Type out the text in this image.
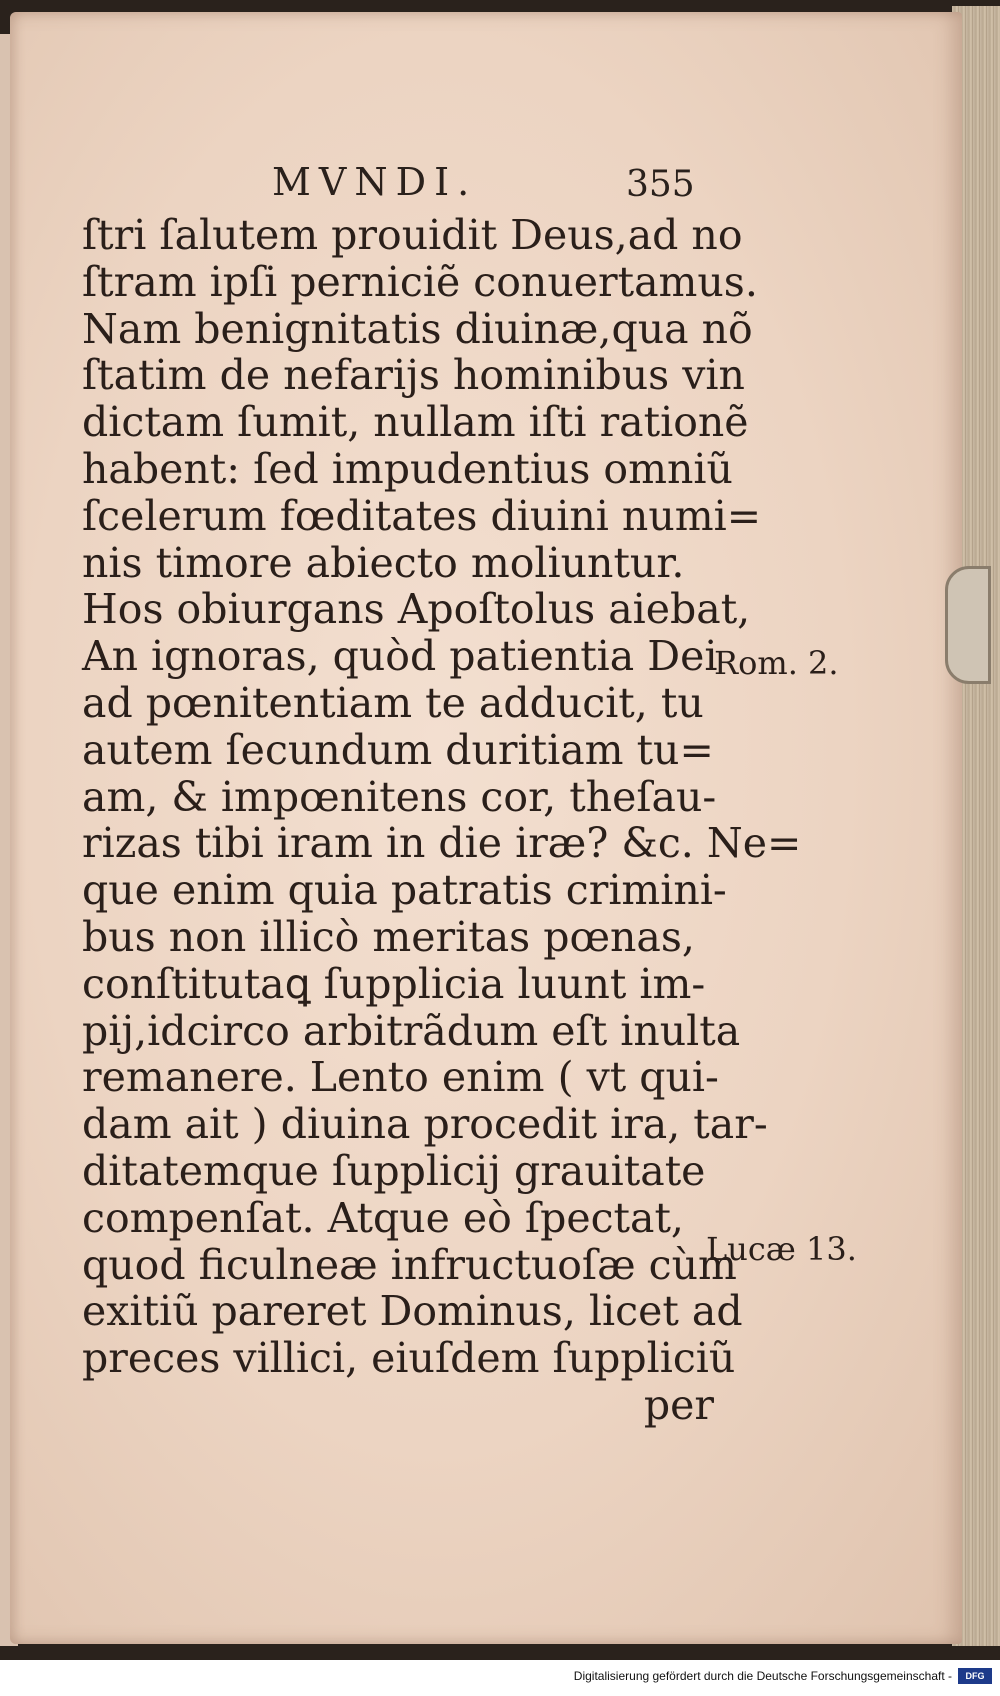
MVNDI.	355
ſtri ſalutem prouidit Deus,ad no
ſtram ipſi perniciẽ conuertamus.
Nam benignitatis diuinæ,qua nõ
ſtatim de nefarijs hominibus vin
dictam ſumit, nullam iſti rationẽ
habent: ſed impudentius omniũ
ſcelerum fœditates diuini numi=
nis timore abiecto moliuntur.
Hos obiurgans Apoſtolus aiebat,
An ignoras, quòd patientia Dei
ad pœnitentiam te adducit, tu
autem ſecundum duritiam tu=
am, & impœnitens cor, theſau-
rizas tibi iram in die iræ? &c. Ne=
que enim quia patratis crimini-
bus non illicò meritas pœnas,
conſtitutaꝗ ſupplicia luunt im-
pij,idcirco arbitrãdum eſt inulta
remanere. Lento enim ( vt qui-
dam ait ) diuina procedit ira, tar-
ditatemque ſupplicij grauitate
compenſat. Atque eò ſpectat,
quod ficulneæ infructuoſæ cùm
exitiũ pareret Dominus, licet ad
preces villici, eiuſdem ſuppliciũ
per
Rom. 2.
Lucæ 13.
Digitalisierung gefördert durch die Deutsche Forschungsgemeinschaft -	DFG
